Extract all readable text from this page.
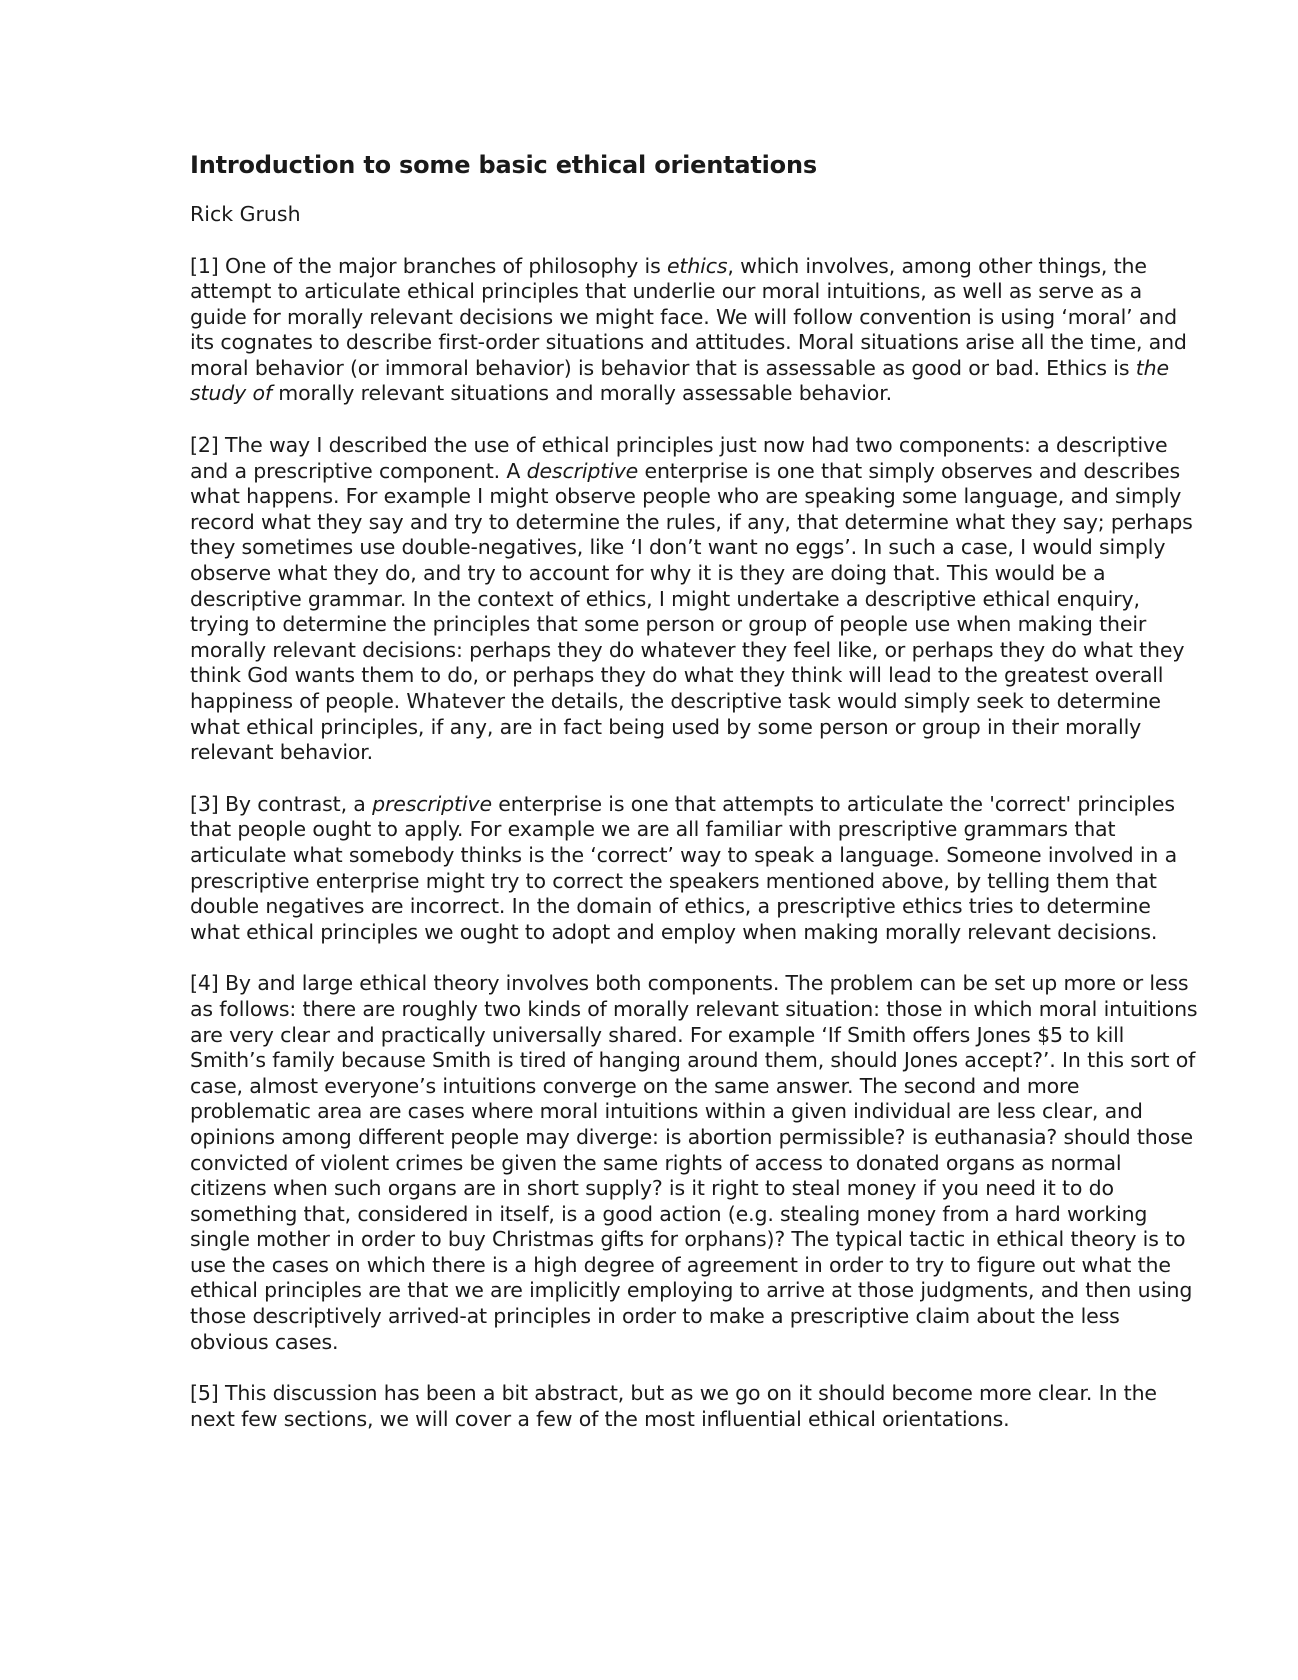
Introduction to some basic ethical orientations
Rick Grush

[1] One of the major branches of philosophy is ethics, which involves, among other things, the attempt to articulate ethical principles that underlie our moral intuitions, as well as serve as a guide for morally relevant decisions we might face. We will follow convention is using ‘moral’ and its cognates to describe first-order situations and attitudes. Moral situations arise all the time, and moral behavior (or immoral behavior) is behavior that is assessable as good or bad. Ethics is the study of morally relevant situations and morally assessable behavior.

[2] The way I described the use of ethical principles just now had two components: a descriptive and a prescriptive component. A descriptive enterprise is one that simply observes and describes what happens. For example I might observe people who are speaking some language, and simply record what they say and try to determine the rules, if any, that determine what they say; perhaps they sometimes use double-negatives, like ‘I don’t want no eggs’. In such a case, I would simply observe what they do, and try to account for why it is they are doing that. This would be a descriptive grammar. In the context of ethics, I might undertake a descriptive ethical enquiry, trying to determine the principles that some person or group of people use when making their morally relevant decisions: perhaps they do whatever they feel like, or perhaps they do what they think God wants them to do, or perhaps they do what they think will lead to the greatest overall happiness of people. Whatever the details, the descriptive task would simply seek to determine what ethical principles, if any, are in fact being used by some person or group in their morally relevant behavior.

[3] By contrast, a prescriptive enterprise is one that attempts to articulate the 'correct' principles that people ought to apply. For example we are all familiar with prescriptive grammars that articulate what somebody thinks is the ‘correct’ way to speak a language. Someone involved in a prescriptive enterprise might try to correct the speakers mentioned above, by telling them that double negatives are incorrect. In the domain of ethics, a prescriptive ethics tries to determine what ethical principles we ought to adopt and employ when making morally relevant decisions.

[4] By and large ethical theory involves both components. The problem can be set up more or less as follows: there are roughly two kinds of morally relevant situation: those in which moral intuitions are very clear and practically universally shared. For example ‘If Smith offers Jones $5 to kill Smith’s family because Smith is tired of hanging around them, should Jones accept?’. In this sort of case, almost everyone’s intuitions converge on the same answer. The second and more problematic area are cases where moral intuitions within a given individual are less clear, and opinions among different people may diverge: is abortion permissible? is euthanasia? should those convicted of violent crimes be given the same rights of access to donated organs as normal citizens when such organs are in short supply? is it right to steal money if you need it to do something that, considered in itself, is a good action (e.g. stealing money from a hard working single mother in order to buy Christmas gifts for orphans)? The typical tactic in ethical theory is to use the cases on which there is a high degree of agreement in order to try to figure out what the ethical principles are that we are implicitly employing to arrive at those judgments, and then using those descriptively arrived-at principles in order to make a prescriptive claim about the less obvious cases.

[5] This discussion has been a bit abstract, but as we go on it should become more clear. In the next few sections, we will cover a few of the most influential ethical orientations.
